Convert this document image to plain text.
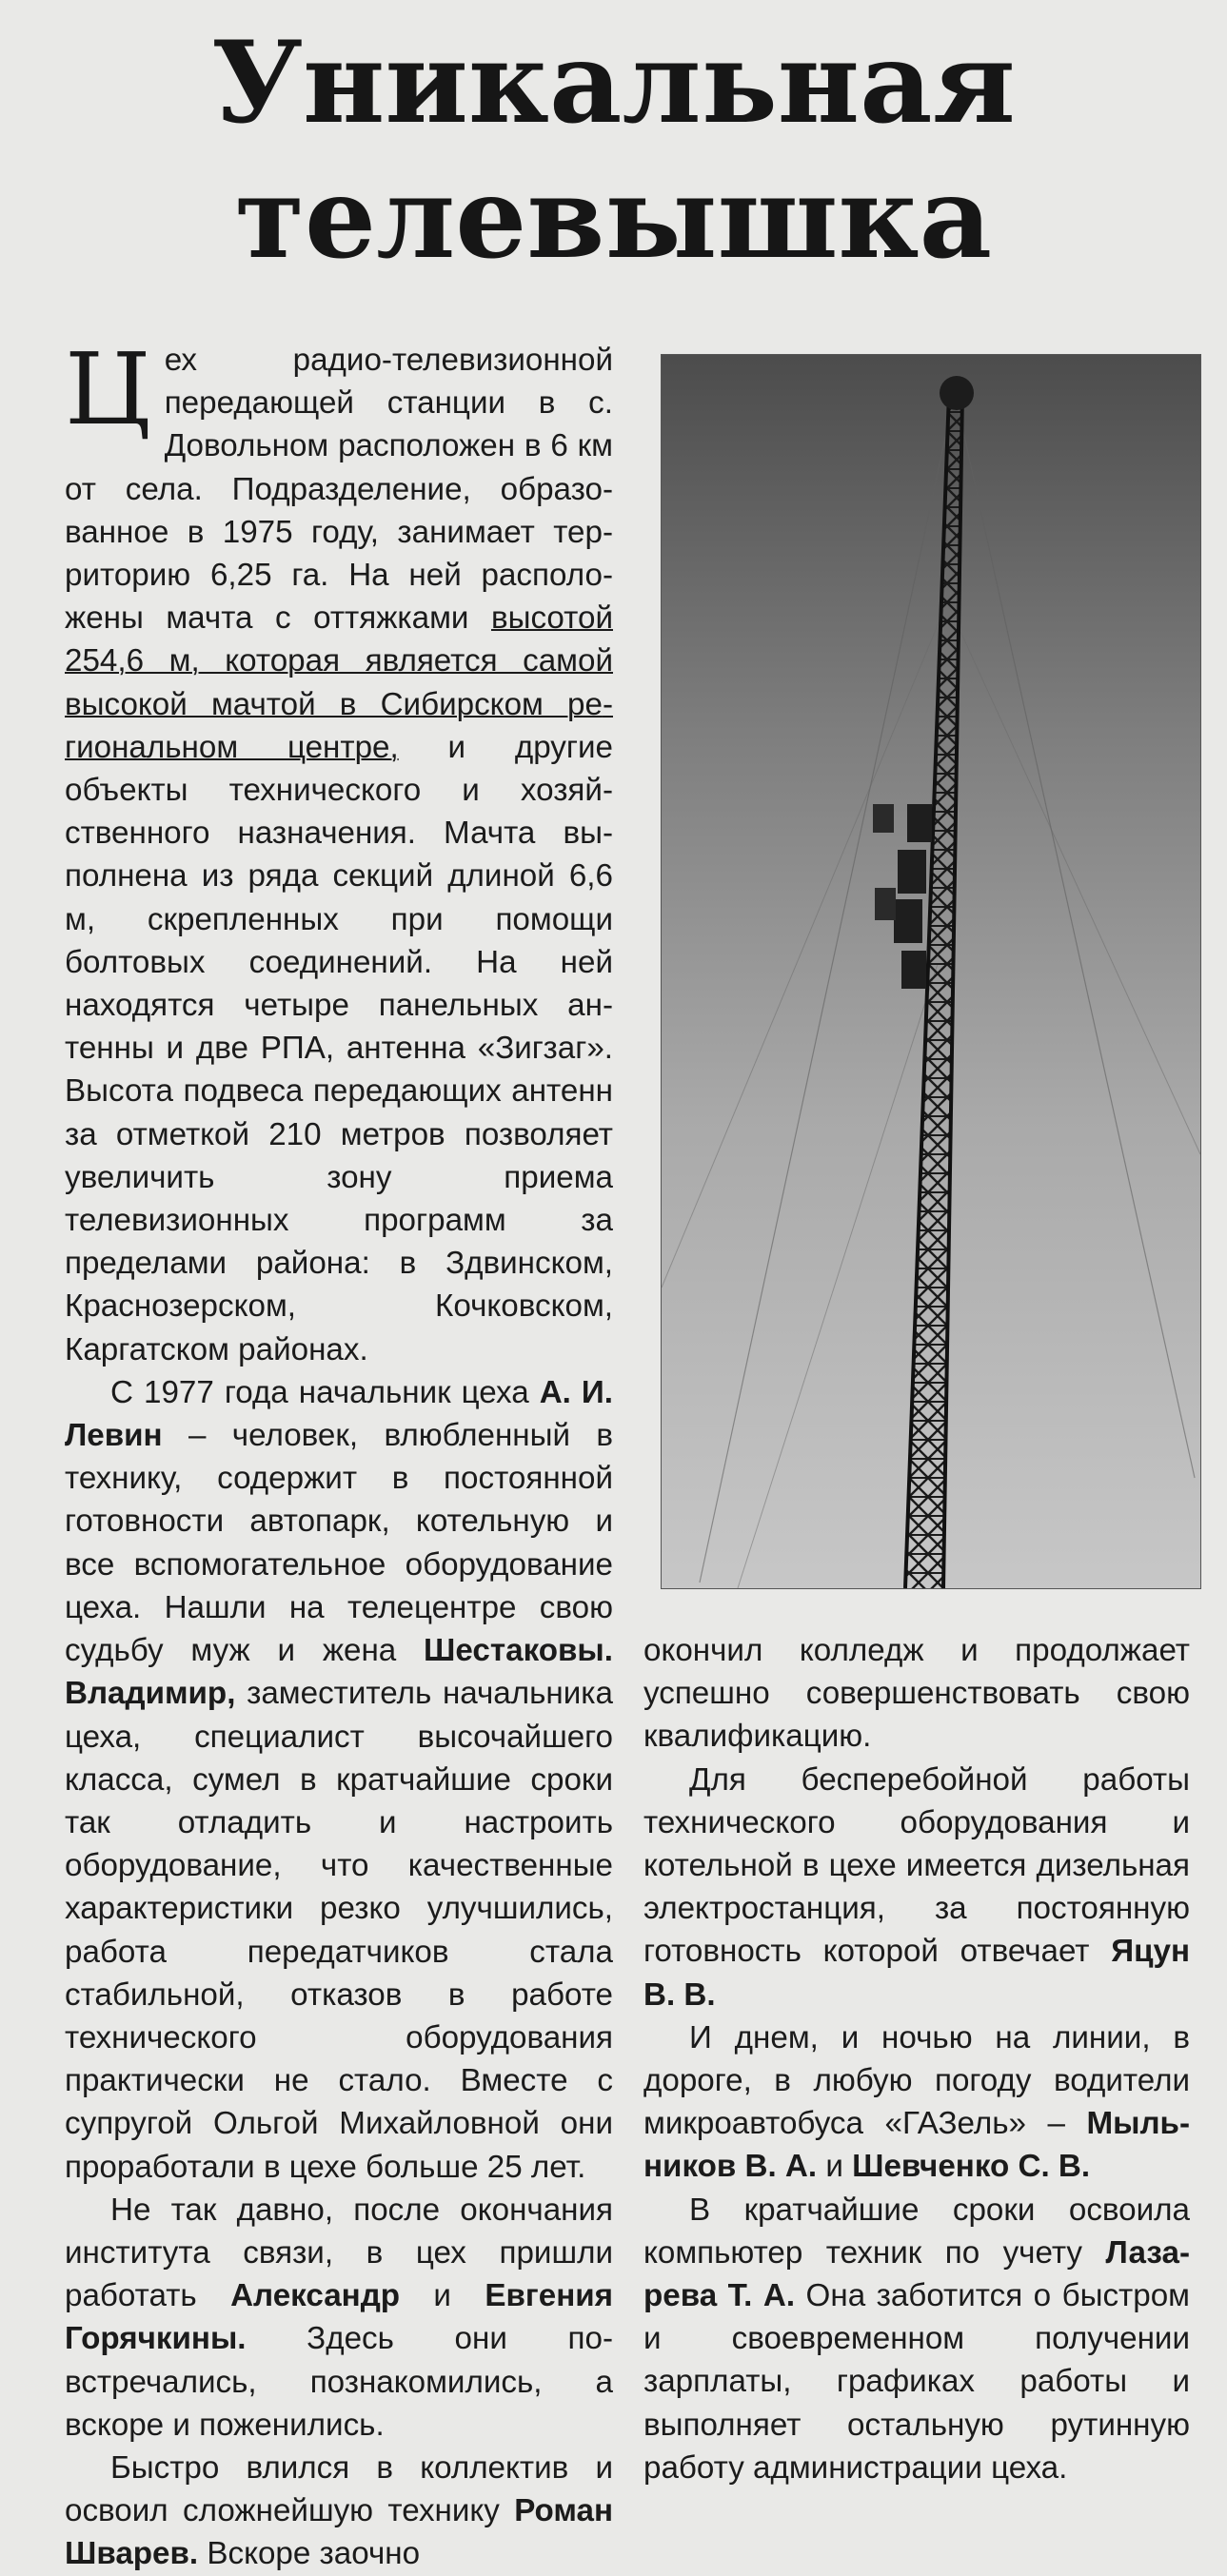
Уникальная
телевышка

Цех радио-телевизионной передающей станции в с. Довольном расположен в 6 км от села. Подразделение, образованное в 1975 году, занимает территорию 6,25 га. На ней расположены мачта с оттяжками высотой 254,6 м, которая является самой высокой мачтой в Сибирском региональном центре, и другие объекты технического и хозяйственного назначения. Мачта выполнена из ряда секций длиной 6,6 м, скрепленных при помощи болтовых соединений. На ней находятся четыре панельных антенны и две РПА, антенна «Зигзаг». Высота подвеса передающих антенн за отметкой 210 метров позволяет увеличить зону приема телевизионных программ за пределами района: в Здвинском, Краснозерском, Кочковском, Каргатском районах.

С 1977 года начальник цеха А. И. Левин – человек, влюбленный в технику, содержит в постоянной готовности автопарк, котельную и все вспомогательное оборудование цеха. Нашли на телецентре свою судьбу муж и жена Шестаковы. Владимир, заместитель начальника цеха, специалист высочайшего класса, сумел в кратчайшие сроки так отладить и настроить оборудование, что качественные характеристики резко улучшились, работа передатчиков стала стабильной, отказов в работе технического оборудования практически не стало. Вместе с супругой Ольгой Михайловной они проработали в цехе больше 25 лет.

Не так давно, после окончания института связи, в цех пришли работать Александр и Евгения Горячкины. Здесь они повстречались, познакомились, а вскоре и поженились.

Быстро влился в коллектив и освоил сложнейшую технику Роман Шварев. Вскоре заочно

окончил колледж и продолжает успешно совершенствовать свою квалификацию.

Для бесперебойной работы технического оборудования и котельной в цехе имеется дизельная электростанция, за постоянную готовность которой отвечает Яцун В. В.

И днем, и ночью на линии, в дороге, в любую погоду водители микроавтобуса «ГАЗель» – Мыльников В. А. и Шевченко С. В.

В кратчайшие сроки освоила компьютер техник по учету Лазарева Т. А. Она заботится о быстром и своевременном получении зарплаты, графиках работы и выполняет остальную рутинную работу администрации цеха.
